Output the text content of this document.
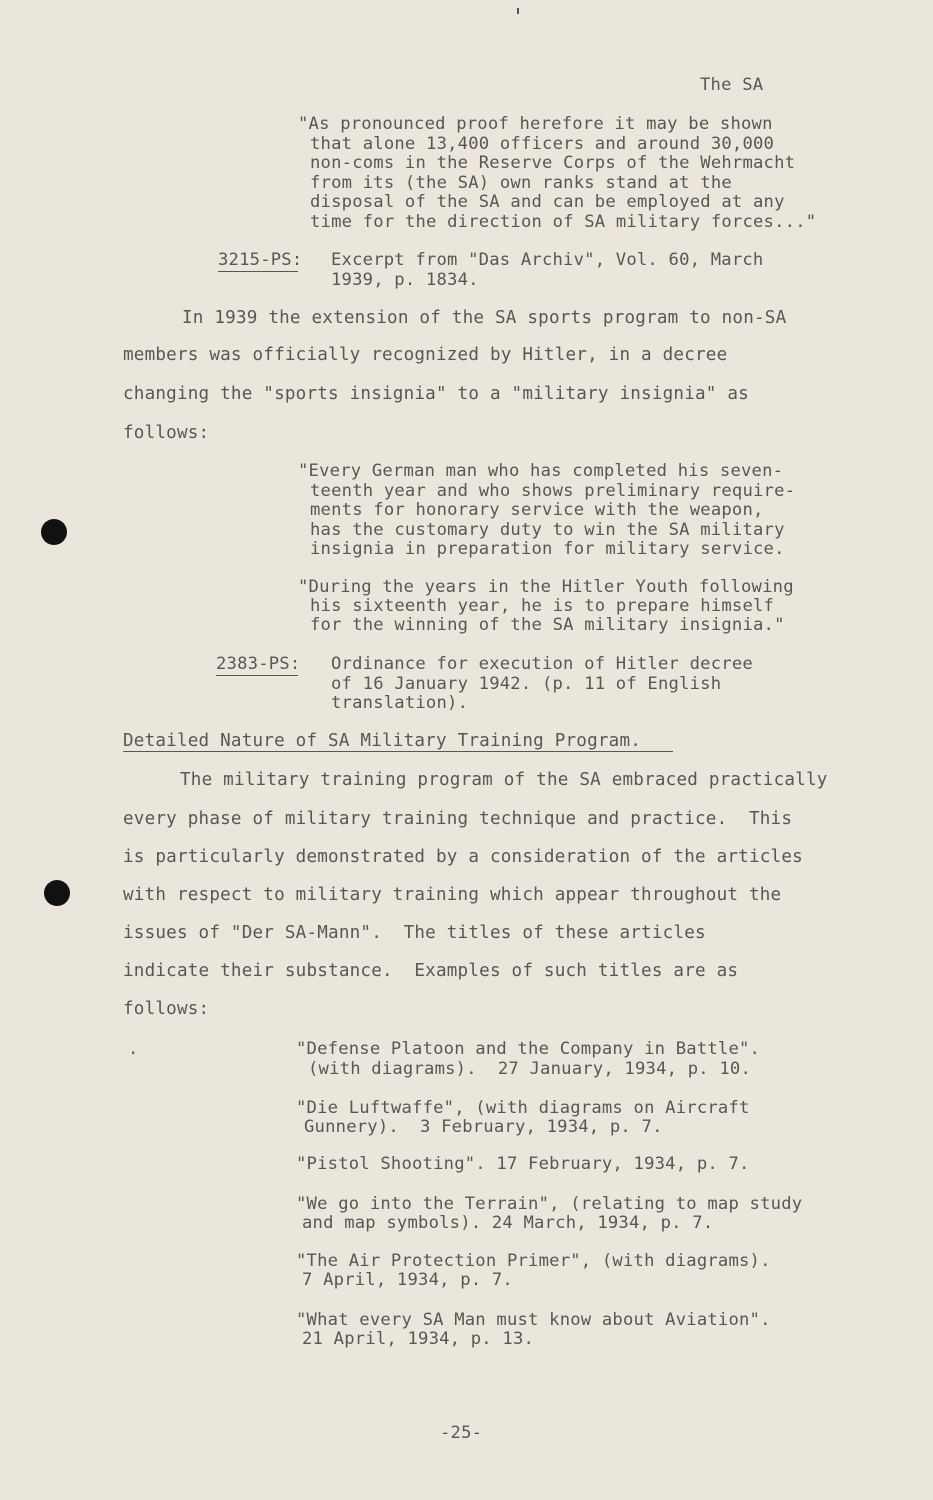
The SA
"As pronounced proof herefore it may be shown
that alone 13,400 officers and around 30,000
non-coms in the Reserve Corps of the Wehrmacht
from its (the SA) own ranks stand at the
disposal of the SA and can be employed at any
time for the direction of SA military forces..."
3215-PS: Excerpt from "Das Archiv", Vol. 60, March
1939, p. 1834.
In 1939 the extension of the SA sports program to non-SA
members was officially recognized by Hitler, in a decree
changing the "sports insignia" to a "military insignia" as
follows:
"Every German man who has completed his seven-
teenth year and who shows preliminary require-
ments for honorary service with the weapon,
has the customary duty to win the SA military
insignia in preparation for military service.
"During the years in the Hitler Youth following
his sixteenth year, he is to prepare himself
for the winning of the SA military insignia."
2383-PS: Ordinance for execution of Hitler decree
of 16 January 1942. (p. 11 of English
translation).
Detailed Nature of SA Military Training Program.
The military training program of the SA embraced practically
every phase of military training technique and practice.  This
is particularly demonstrated by a consideration of the articles
with respect to military training which appear throughout the
issues of "Der SA-Mann".  The titles of these articles
indicate their substance.  Examples of such titles are as
follows:
.	"Defense Platoon and the Company in Battle".
(with diagrams).  27 January, 1934, p. 10.
"Die Luftwaffe", (with diagrams on Aircraft
Gunnery).  3 February, 1934, p. 7.
"Pistol Shooting". 17 February, 1934, p. 7.
"We go into the Terrain", (relating to map study
and map symbols). 24 March, 1934, p. 7.
"The Air Protection Primer", (with diagrams).
7 April, 1934, p. 7.
"What every SA Man must know about Aviation".
21 April, 1934, p. 13.
-25-
